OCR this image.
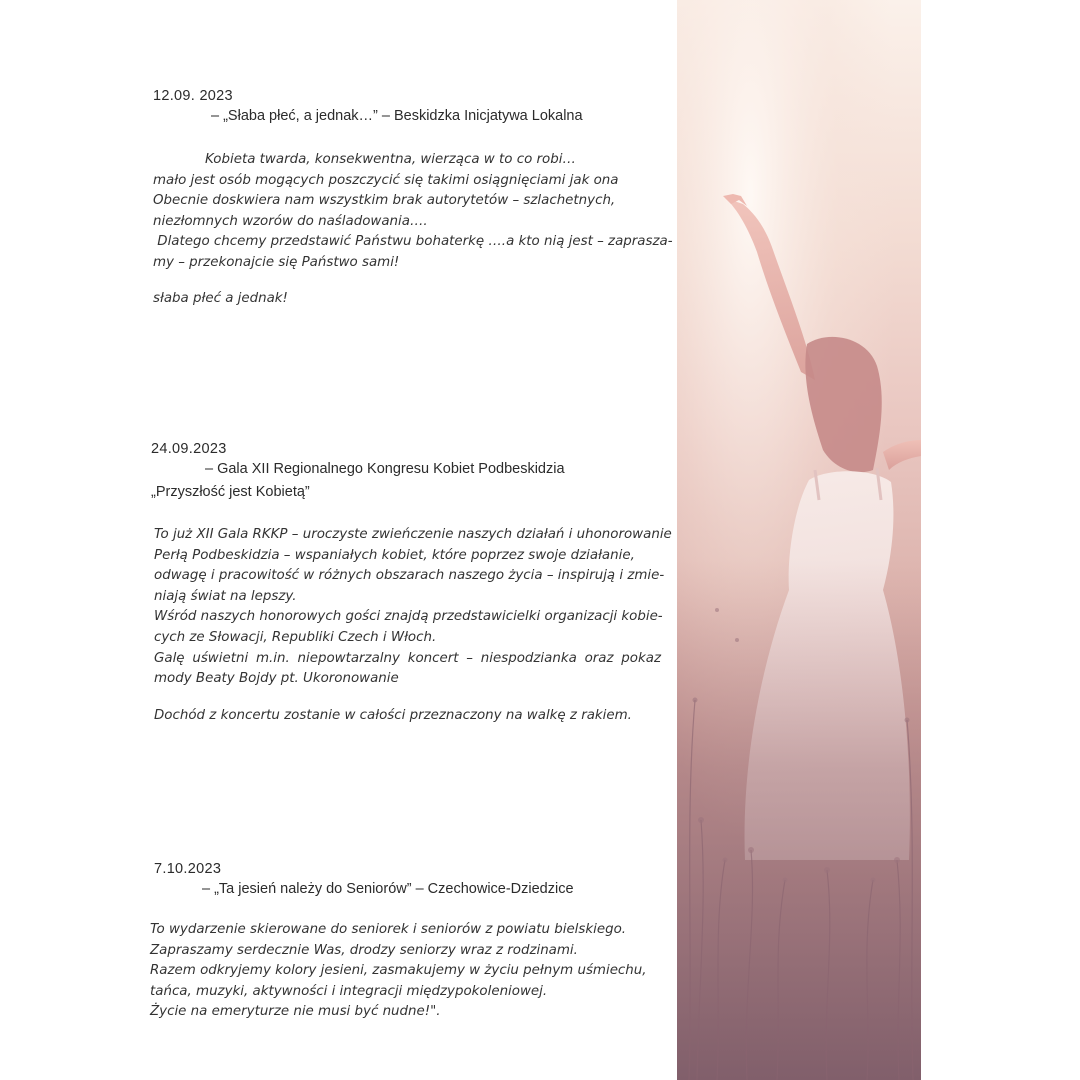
12.09. 2023
– „Słaba płeć, a jednak…” – Beskidzka Inicjatywa Lokalna
Kobieta twarda, konsekwentna, wierząca w to co robi…
mało jest osób mogących poszczycić się takimi osiągnięciami jak ona
Obecnie doskwiera nam wszystkim brak autorytetów – szlachetnych,
niezłomnych wzorów do naśladowania….
Dlatego chcemy przedstawić Państwu bohaterkę ….a kto nią jest – zaprasza-
my – przekonajcie się Państwo sami!
słaba płeć a jednak!
24.09.2023
– Gala XII Regionalnego Kongresu Kobiet Podbeskidzia
„Przyszłość jest Kobietą”
To już XII Gala RKKP – uroczyste zwieńczenie naszych działań i uhonorowanie
Perłą Podbeskidzia – wspaniałych kobiet, które poprzez swoje działanie,
odwagę i pracowitość w różnych obszarach naszego życia – inspirują i zmie-
niają świat na lepszy.
Wśród naszych honorowych gości znajdą przedstawicielki organizacji kobie-
cych ze Słowacji, Republiki Czech i Włoch.
Galę uświetni m.in. niepowtarzalny koncert – niespodzianka oraz pokaz
mody Beaty Bojdy pt. Ukoronowanie
Dochód z koncertu zostanie w całości przeznaczony na walkę z rakiem.
7.10.2023
– „Ta jesień należy do Seniorów” – Czechowice-Dziedzice
To wydarzenie skierowane do seniorek i seniorów z powiatu bielskiego.
Zapraszamy serdecznie Was, drodzy seniorzy wraz z rodzinami.
Razem odkryjemy kolory jesieni, zasmakujemy w życiu pełnym uśmiechu,
tańca, muzyki, aktywności i integracji międzypokoleniowej.
Życie na emeryturze nie musi być nudne!".
